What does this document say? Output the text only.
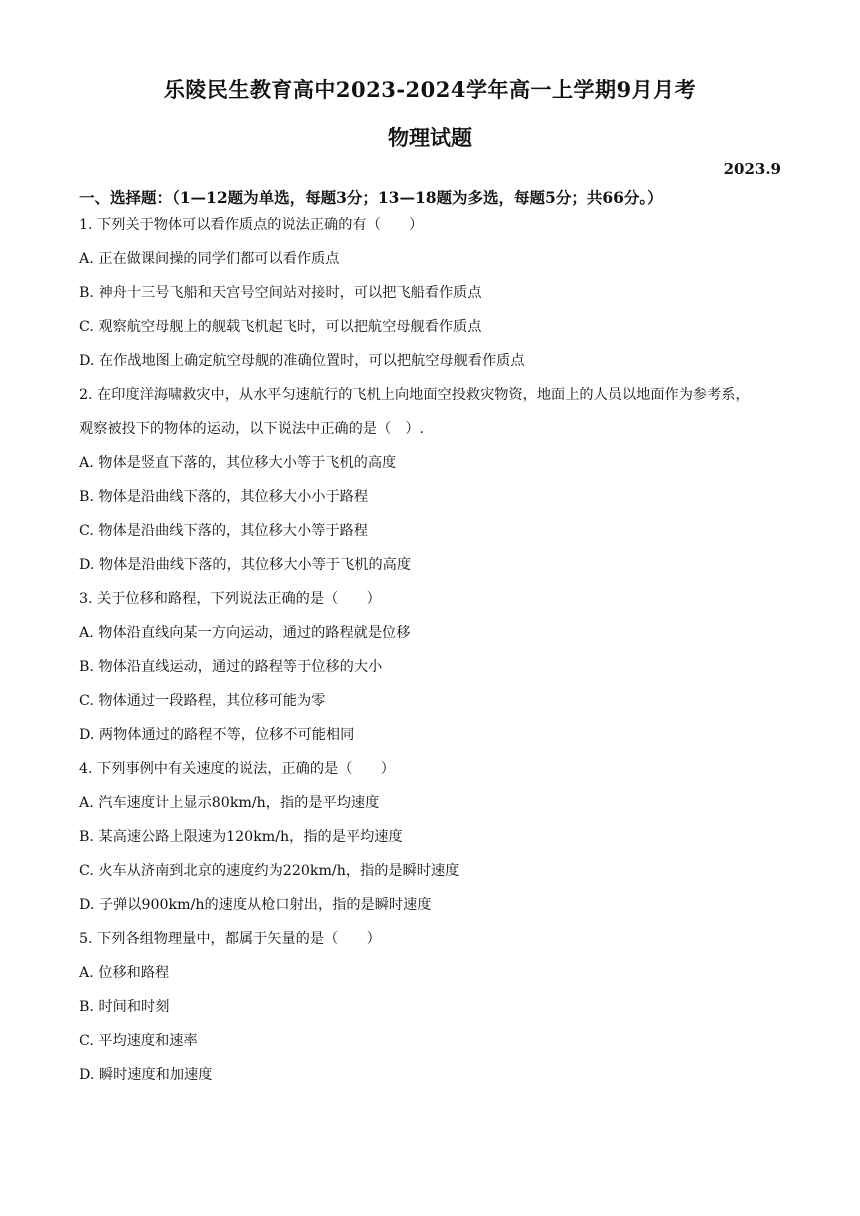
乐陵民生教育高中2023-2024学年高一上学期9月月考
物理试题
2023.9
一、选择题：（1—12题为单选，每题3分；13—18题为多选，每题5分；共66分。）
1. 下列关于物体可以看作质点的说法正确的有（　　）
A. 正在做课间操的同学们都可以看作质点
B. 神舟十三号飞船和天宫号空间站对接时，可以把飞船看作质点
C. 观察航空母舰上的舰载飞机起飞时，可以把航空母舰看作质点
D. 在作战地图上确定航空母舰的准确位置时，可以把航空母舰看作质点
2. 在印度洋海啸救灾中，从水平匀速航行的飞机上向地面空投救灾物资，地面上的人员以地面作为参考系，
观察被投下的物体的运动，以下说法中正确的是（　）.
A. 物体是竖直下落的，其位移大小等于飞机的高度
B. 物体是沿曲线下落的，其位移大小小于路程
C. 物体是沿曲线下落的，其位移大小等于路程
D. 物体是沿曲线下落的，其位移大小等于飞机的高度
3. 关于位移和路程，下列说法正确的是（　　）
A. 物体沿直线向某一方向运动，通过的路程就是位移
B. 物体沿直线运动，通过的路程等于位移的大小
C. 物体通过一段路程，其位移可能为零
D. 两物体通过的路程不等，位移不可能相同
4. 下列事例中有关速度的说法，正确的是（　　）
A. 汽车速度计上显示80km/h，指的是平均速度
B. 某高速公路上限速为120km/h，指的是平均速度
C. 火车从济南到北京的速度约为220km/h，指的是瞬时速度
D. 子弹以900km/h的速度从枪口射出，指的是瞬时速度
5. 下列各组物理量中，都属于矢量的是（　　）
A. 位移和路程
B. 时间和时刻
C. 平均速度和速率
D. 瞬时速度和加速度
